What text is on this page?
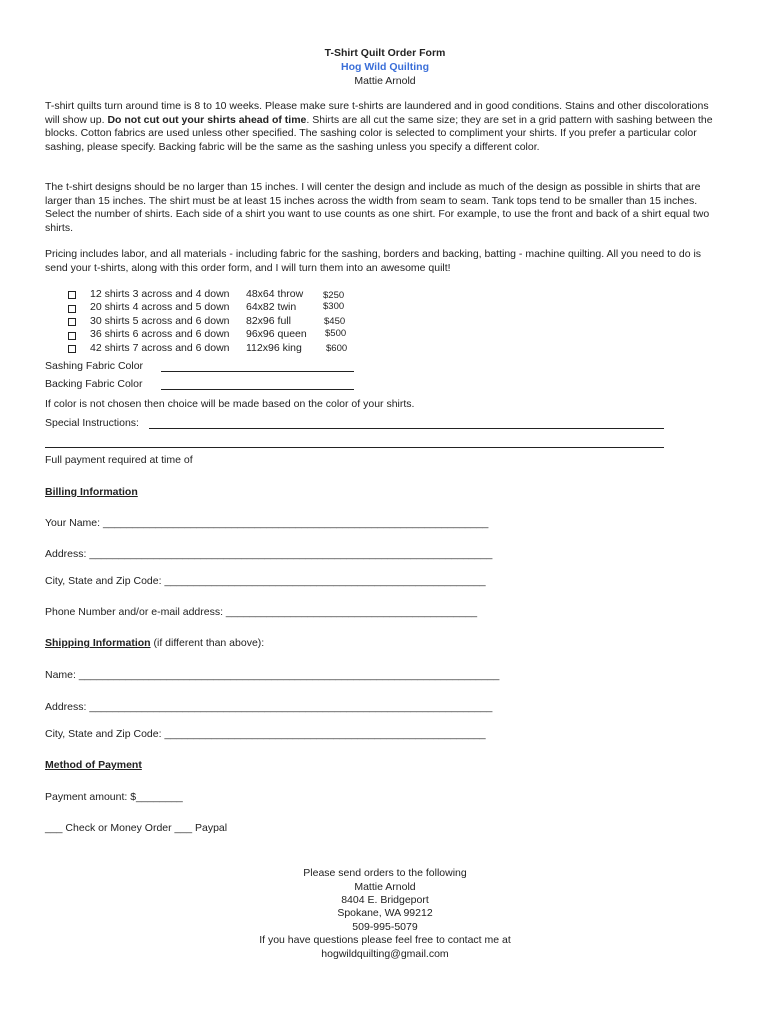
T-Shirt Quilt Order Form
Hog Wild Quilting
Mattie Arnold
T-shirt quilts turn around time is 8 to 10 weeks. Please make sure t-shirts are laundered and in good conditions. Stains and other discolorations will show up. Do not cut out your shirts ahead of time. Shirts are all cut the same size; they are set in a grid pattern with sashing between the blocks. Cotton fabrics are used unless other specified. The sashing color is selected to compliment your shirts. If you prefer a particular color sashing, please specify. Backing fabric will be the same as the sashing unless you specify a different color.
The t-shirt designs should be no larger than 15 inches. I will center the design and include as much of the design as possible in shirts that are larger than 15 inches. The shirt must be at least 15 inches across the width from seam to seam. Tank tops tend to be smaller than 15 inches. Select the number of shirts. Each side of a shirt you want to use counts as one shirt. For example, to use the front and back of a shirt equal two shirts.
Pricing includes labor, and all materials - including fabric for the sashing, borders and backing, batting - machine quilting. All you need to do is send your t-shirts, along with this order form, and I will turn them into an awesome quilt!
12 shirts 3 across and 4 down 48x64 throw $250
20 shirts 4 across and 5 down 64x82 twin	$300
30 shirts 5 across and 6 down 82x96 full	$450
36 shirts 6 across and 6 down 96x96 queen $500
42 shirts 7 across and 6 down 112x96 king	$600
Sashing Fabric Color
Backing Fabric Color
If color is not chosen then choice will be made based on the color of your shirts.
Special Instructions:
Full payment required at time of
Billing Information
Your Name: __________________________________________________________________
Address: _____________________________________________________________________
City, State and Zip Code: _______________________________________________________
Phone Number and/or e-mail address: ___________________________________________
Shipping Information (if different than above):
Name: ________________________________________________________________________
Address: _____________________________________________________________________
City, State and Zip Code: _______________________________________________________
Method of Payment
Payment amount: $________
___ Check or Money Order ___ Paypal
Please send orders to the following
Mattie Arnold
8404 E. Bridgeport
Spokane, WA 99212
509-995-5079
If you have questions please feel free to contact me at
hogwildquilting@gmail.com
